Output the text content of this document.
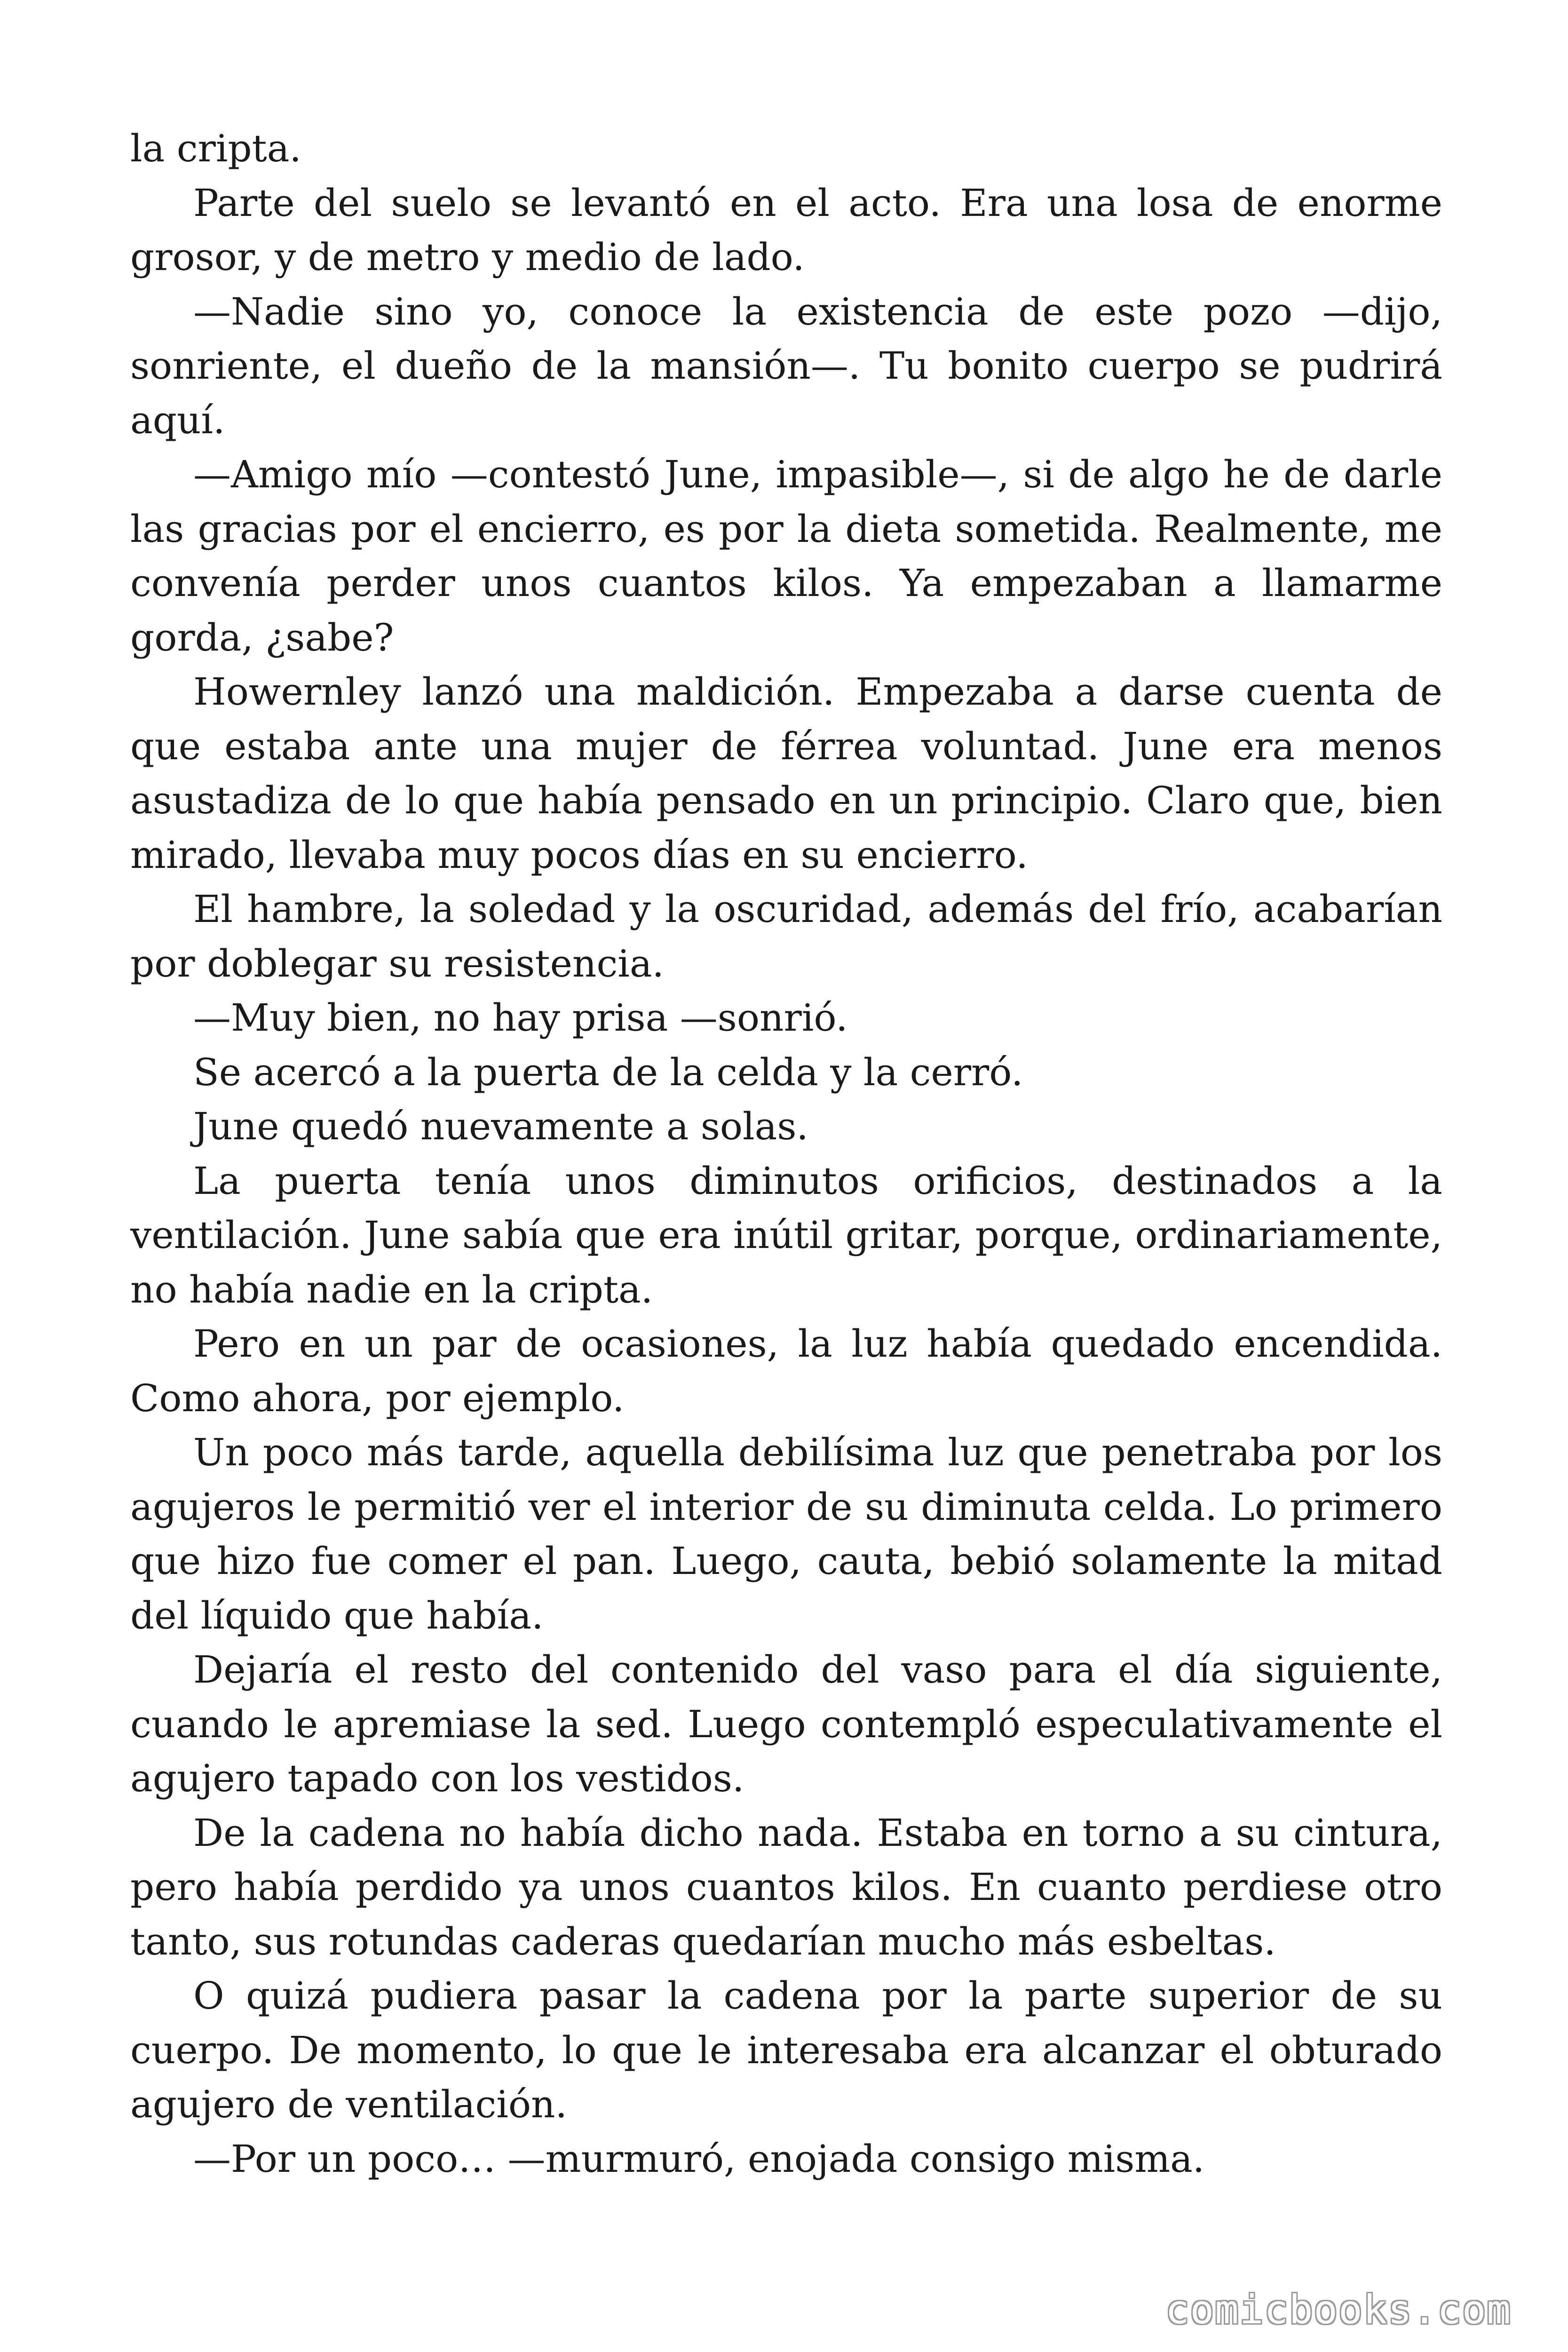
la cripta.

Parte del suelo se levantó en el acto. Era una losa de enorme grosor, y de metro y medio de lado.

—Nadie sino yo, conoce la existencia de este pozo —dijo, sonriente, el dueño de la mansión—. Tu bonito cuerpo se pudrirá aquí.

—Amigo mío —contestó June, impasible—, si de algo he de darle las gracias por el encierro, es por la dieta sometida. Realmente, me convenía perder unos cuantos kilos. Ya empezaban a llamarme gorda, ¿sabe?

Howernley lanzó una maldición. Empezaba a darse cuenta de que estaba ante una mujer de férrea voluntad. June era menos asustadiza de lo que había pensado en un principio. Claro que, bien mirado, llevaba muy pocos días en su encierro.

El hambre, la soledad y la oscuridad, además del frío, acabarían por doblegar su resistencia.

—Muy bien, no hay prisa —sonrió.

Se acercó a la puerta de la celda y la cerró.

June quedó nuevamente a solas.

La puerta tenía unos diminutos orificios, destinados a la ventilación. June sabía que era inútil gritar, porque, ordinariamente, no había nadie en la cripta.

Pero en un par de ocasiones, la luz había quedado encendida. Como ahora, por ejemplo.

Un poco más tarde, aquella debilísima luz que penetraba por los agujeros le permitió ver el interior de su diminuta celda. Lo primero que hizo fue comer el pan. Luego, cauta, bebió solamente la mitad del líquido que había.

Dejaría el resto del contenido del vaso para el día siguiente, cuando le apremiase la sed. Luego contempló especulativamente el agujero tapado con los vestidos.

De la cadena no había dicho nada. Estaba en torno a su cintura, pero había perdido ya unos cuantos kilos. En cuanto perdiese otro tanto, sus rotundas caderas quedarían mucho más esbeltas.

O quizá pudiera pasar la cadena por la parte superior de su cuerpo. De momento, lo que le interesaba era alcanzar el obturado agujero de ventilación.

—Por un poco… —murmuró, enojada consigo misma.

comicbooks.com
